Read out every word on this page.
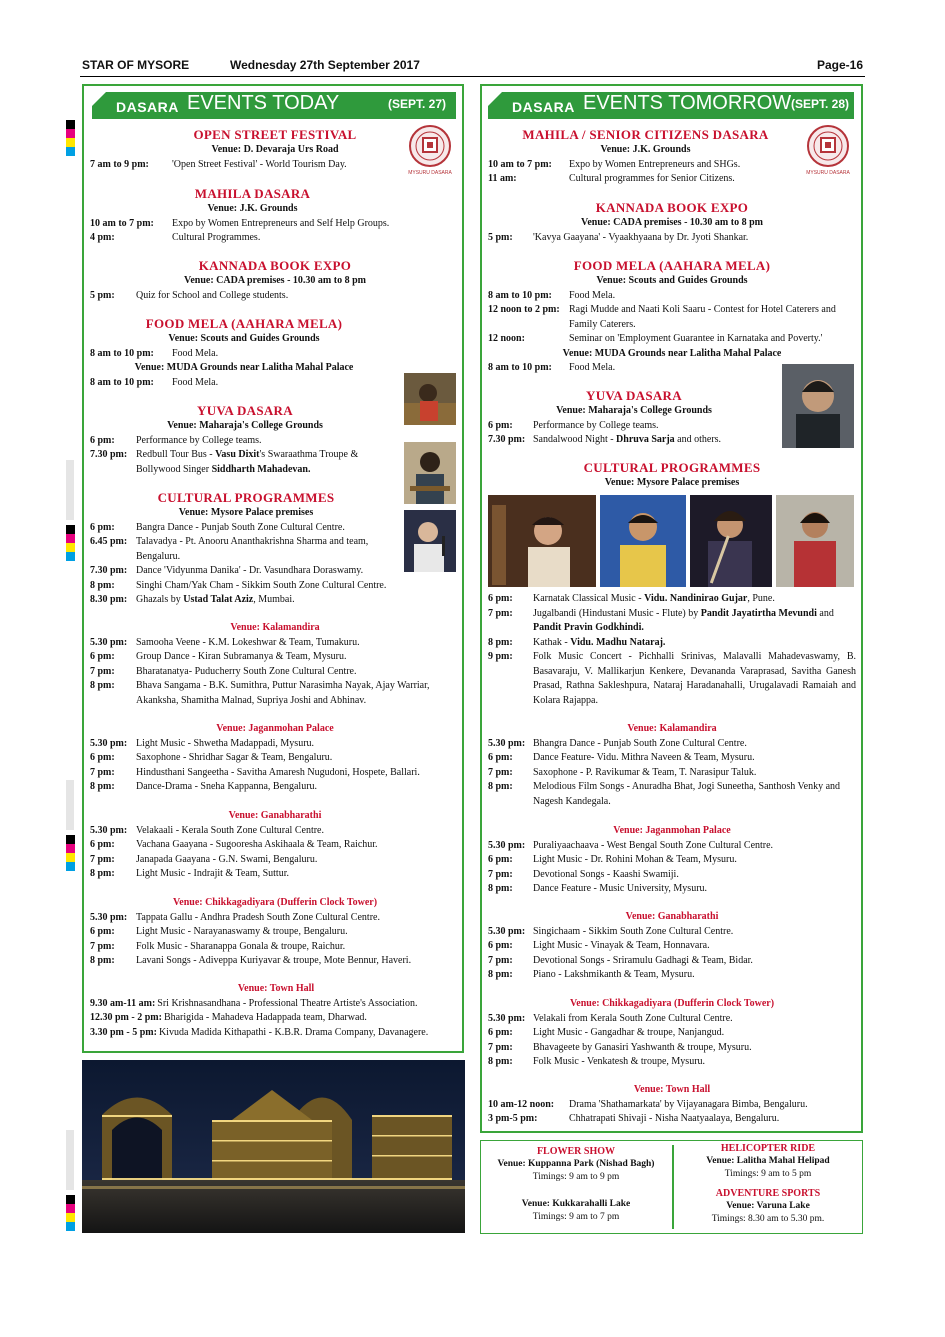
STAR OF MYSORE	Wednesday 27th September 2017	Page-16
DASARA EVENTS TODAY	(SEPT. 27)
MYSURU DASARA
OPEN STREET FESTIVAL
Venue: D. Devaraja Urs Road
7 am to 9 pm:	'Open Street Festival' - World Tourism Day.
MAHILA DASARA
Venue: J.K. Grounds
10 am to 7 pm:	Expo by Women Entrepreneurs and Self Help Groups.
4 pm:	Cultural Programmes.
KANNADA BOOK EXPO
Venue: CADA premises - 10.30 am to 8 pm
5 pm:	Quiz for School and College students.
FOOD MELA (AAHARA MELA)
Venue: Scouts and Guides Grounds
8 am to 10 pm:	Food Mela.
Venue: MUDA Grounds near Lalitha Mahal Palace
8 am to 10 pm:	Food Mela.
YUVA DASARA
Venue: Maharaja's College Grounds
6 pm:	Performance by College teams.
7.30 pm: Redbull Tour Bus - Vasu Dixit's Swaraathma Troupe & Bollywood Singer Siddharth Mahadevan.
CULTURAL PROGRAMMES
Venue: Mysore Palace premises
6 pm:	Bangra Dance - Punjab South Zone Cultural Centre.
6.45 pm: Talavadya - Pt. Anooru Ananthakrishna Sharma and team, Bengaluru.
7.30 pm: Dance 'Vidyunma Danika' - Dr. Vasundhara Doraswamy.
8 pm:	Singhi Cham/Yak Cham - Sikkim South Zone Cultural Centre.
8.30 pm: Ghazals by Ustad Talat Aziz, Mumbai.
Venue: Kalamandira
5.30 pm: Samooha Veene - K.M. Lokeshwar & Team, Tumakuru.
6 pm:	Group Dance - Kiran Subramanya & Team, Mysuru.
7 pm:	Bharatanatya- Puducherry South Zone Cultural Centre.
8 pm:	Bhava Sangama - B.K. Sumithra, Puttur Narasimha Nayak, Ajay Warriar, Akanksha, Shamitha Malnad, Supriya Joshi and Abhinav.
Venue: Jaganmohan Palace
5.30 pm: Light Music - Shwetha Madappadi, Mysuru.
6 pm:	Saxophone - Shridhar Sagar & Team, Bengaluru.
7 pm:	Hindusthani Sangeetha - Savitha Amaresh Nugudoni, Hospete, Ballari.
8 pm:	Dance-Drama - Sneha Kappanna, Bengaluru.
Venue: Ganabharathi
5.30 pm: Velakaali - Kerala South Zone Cultural Centre.
6 pm:	Vachana Gaayana - Sugooresha Askihaala & Team, Raichur.
7 pm:	Janapada Gaayana - G.N. Swami, Bengaluru.
8 pm:	Light Music - Indrajit & Team, Suttur.
Venue: Chikkagadiyara (Dufferin Clock Tower)
5.30 pm: Tappata Gallu - Andhra Pradesh South Zone Cultural Centre.
6 pm:	Light Music - Narayanaswamy & troupe, Bengaluru.
7 pm:	Folk Music - Sharanappa Gonala & troupe, Raichur.
8 pm:	Lavani Songs - Adiveppa Kuriyavar & troupe, Mote Bennur, Haveri.
Venue: Town Hall
9.30 am-11 am: Sri Krishnasandhana - Professional Theatre Artiste's Association.
12.30 pm - 2 pm: Bharigida - Mahadeva Hadappada team, Dharwad.
3.30 pm - 5 pm: Kivuda Madida Kithapathi - K.B.R. Drama Company, Davanagere.
DASARA EVENTS TOMORROW (SEPT. 28)
MYSURU DASARA
MAHILA / SENIOR CITIZENS DASARA
Venue: J.K. Grounds
10 am to 7 pm:	Expo by Women Entrepreneurs and SHGs.
11 am:	Cultural programmes for Senior Citizens.
KANNADA BOOK EXPO
Venue: CADA premises - 10.30 am to 8 pm
5 pm:	'Kavya Gaayana' - Vyaakhyaana by Dr. Jyoti Shankar.
FOOD MELA (AAHARA MELA)
Venue: Scouts and Guides Grounds
8 am to 10 pm:	Food Mela.
12 noon to 2 pm: Ragi Mudde and Naati Koli Saaru - Contest for Hotel Caterers and Family Caterers.
12 noon:	Seminar on 'Employment Guarantee in Karnataka and Poverty.'
Venue: MUDA Grounds near Lalitha Mahal Palace
8 am to 10 pm:	Food Mela.
YUVA DASARA
Venue: Maharaja's College Grounds
6 pm:	Performance by College teams.
7.30 pm: Sandalwood Night - Dhruva Sarja and others.
CULTURAL PROGRAMMES
Venue: Mysore Palace premises
6 pm:	Karnatak Classical Music - Vidu. Nandinirao Gujar, Pune.
7 pm:	Jugalbandi (Hindustani Music - Flute) by Pandit Jayatirtha Mevundi and Pandit Pravin Godkhindi.
8 pm:	Kathak - Vidu. Madhu Nataraj.
9 pm:	Folk Music Concert - Pichhalli Srinivas, Malavalli Mahadevaswamy, B. Basavaraju, V. Mallikarjun Kenkere, Devananda Varaprasad, Savitha Ganesh Prasad, Rathna Sakleshpura, Nataraj Haradanahalli, Urugalavadi Ramaiah and Kolara Rajappa.
Venue: Kalamandira
5.30 pm: Bhangra Dance - Punjab South Zone Cultural Centre.
6 pm:	Dance Feature- Vidu. Mithra Naveen & Team, Mysuru.
7 pm:	Saxophone - P. Ravikumar & Team, T. Narasipur Taluk.
8 pm:	Melodious Film Songs - Anuradha Bhat, Jogi Suneetha, Santhosh Venky and Nagesh Kandegala.
Venue: Jaganmohan Palace
5.30 pm: Puraliyaachaava - West Bengal South Zone Cultural Centre.
6 pm:	Light Music - Dr. Rohini Mohan & Team, Mysuru.
7 pm:	Devotional Songs - Kaashi Swamiji.
8 pm:	Dance Feature - Music University, Mysuru.
Venue: Ganabharathi
5.30 pm: Singichaam - Sikkim South Zone Cultural Centre.
6 pm:	Light Music - Vinayak & Team, Honnavara.
7 pm:	Devotional Songs - Sriramulu Gadhagi & Team, Bidar.
8 pm:	Piano - Lakshmikanth & Team, Mysuru.
Venue: Chikkagadiyara (Dufferin Clock Tower)
5.30 pm: Velakali from Kerala South Zone Cultural Centre.
6 pm:	Light Music - Gangadhar & troupe, Nanjangud.
7 pm:	Bhavageete by Ganasiri Yashwanth & troupe, Mysuru.
8 pm:	Folk Music - Venkatesh & troupe, Mysuru.
Venue: Town Hall
10 am-12 noon:	Drama 'Shathamarkata' by Vijayanagara Bimba, Bengaluru.
3 pm-5 pm:	Chhatrapati Shivaji - Nisha Naatyaalaya, Bengaluru.
FLOWER SHOW
Venue: Kuppanna Park (Nishad Bagh)
Timings: 9 am to 9 pm
Venue: Kukkarahalli Lake
Timings: 9 am to 7 pm
HELICOPTER RIDE
Venue: Lalitha Mahal Helipad
Timings: 9 am to 5 pm
ADVENTURE SPORTS
Venue: Varuna Lake
Timings: 8.30 am to 5.30 pm.
